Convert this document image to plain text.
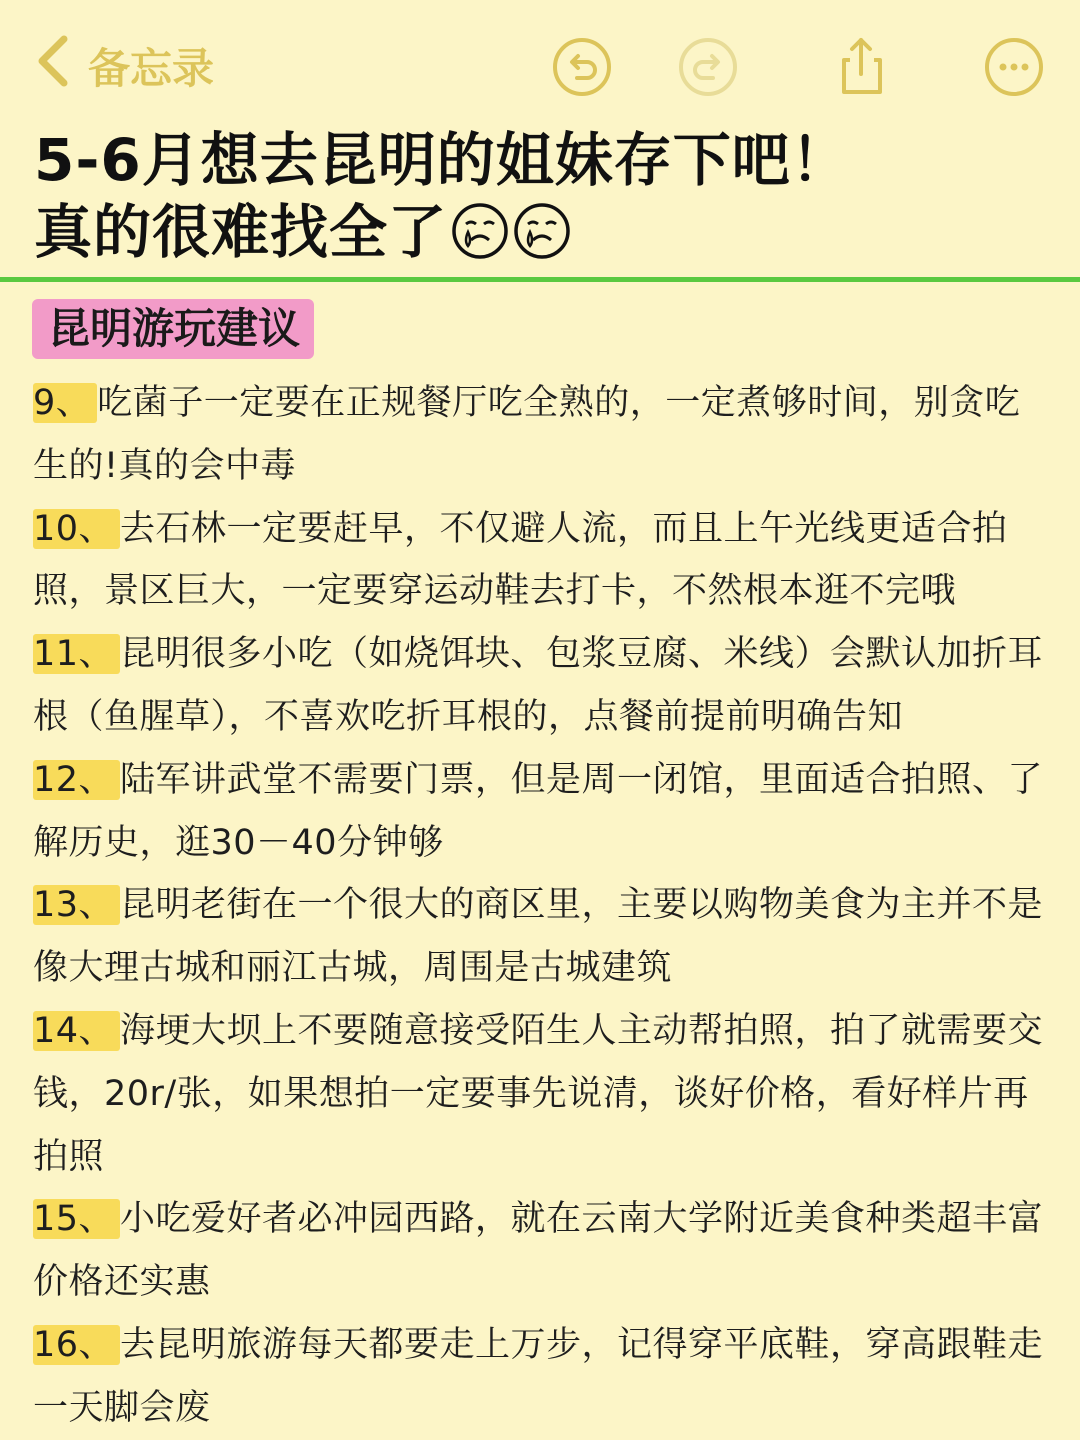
备忘录
5-6月想去昆明的姐妹存下吧！
真的很难找全了
昆明游玩建议
9、 吃菌子一定要在正规餐厅吃全熟的，一定煮够时间，别贪吃生的!真的会中毒
10、 去石林一定要赶早，不仅避人流，而且上午光线更适合拍照，景区巨大，一定要穿运动鞋去打卡，不然根本逛不完哦
11、 昆明很多小吃（如烧饵块、包浆豆腐、米线）会默认加折耳根（鱼腥草），不喜欢吃折耳根的，点餐前提前明确告知
12、 陆军讲武堂不需要门票，但是周一闭馆，里面适合拍照、了解历史，逛30－40分钟够
13、 昆明老街在一个很大的商区里，主要以购物美食为主并不是像大理古城和丽江古城，周围是古城建筑
14、 海埂大坝上不要随意接受陌生人主动帮拍照，拍了就需要交钱，20r/张，如果想拍一定要事先说清，谈好价格，看好样片再拍照
15、 小吃爱好者必冲园西路，就在云南大学附近美食种类超丰富价格还实惠
16、 去昆明旅游每天都要走上万步，记得穿平底鞋，穿高跟鞋走一天脚会废
